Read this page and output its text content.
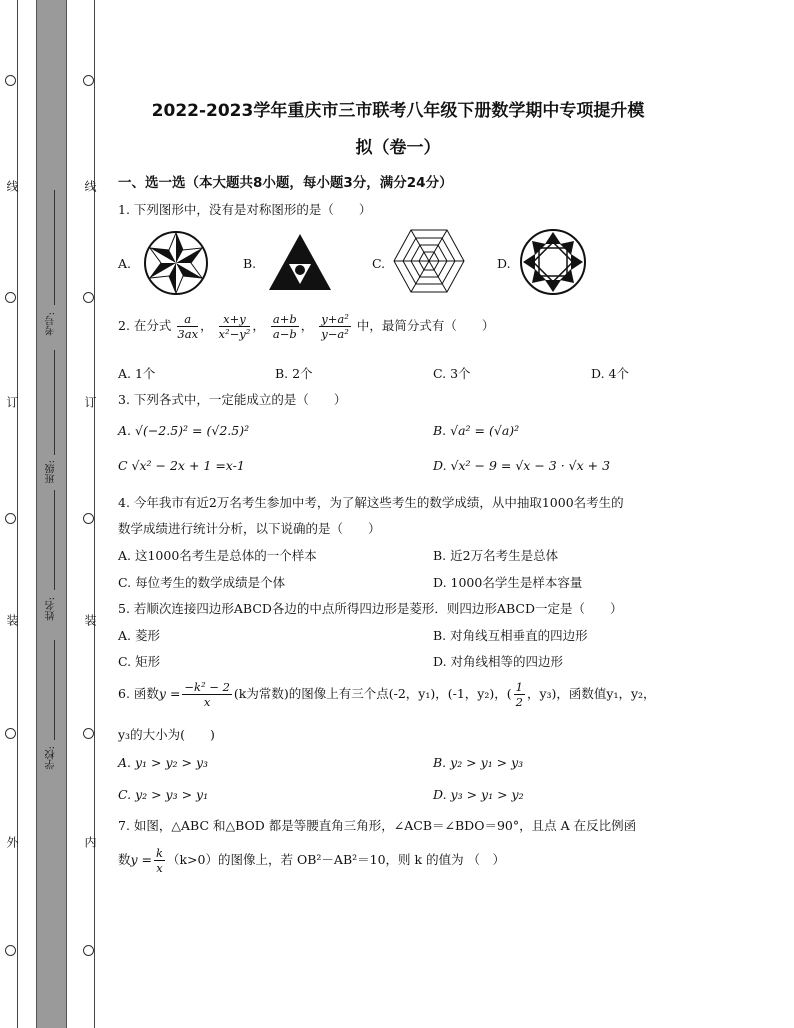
线
订
装
外
线
订
装
内
考号:
班级:
姓名:
学校:
2022-2023学年重庆市三市联考八年级下册数学期中专项提升模
拟（卷一）
一、选一选（本大题共8小题，每小题3分，满分24分）
1. 下列图形中，没有是对称图形的是（　　）
A.	B.	C.	D.
2. 在分式 $\frac{a}{3ax}$ ， $\frac{x+y}{\text{x²−y²}}$ ， $\frac{a+b}{a-b}$ ， $\frac{\text{y+a²}}{\text{y−a²}}$ 中，最简分式有（　　）
A. 1个	B. 2个	C. 3个	D. 4个
3. 下列各式中，一定能成立的是（　　）
A. √(−2.5)² = (√2.5)²	B. √a² = (√a)²
C √x² − 2x + 1 =x-1	D. √x² − 9 = √x − 3 · √x + 3
4. 今年我市有近2万名考生参加中考，为了解这些考生的数学成绩，从中抽取1000名考生的
数学成绩进行统计分析，以下说确的是（　　）
A. 这1000名考生是总体的一个样本	B. 近2万名考生是总体
C. 每位考生的数学成绩是个体	D. 1000名学生是样本容量
5. 若顺次连接四边形ABCD各边的中点所得四边形是菱形．则四边形ABCD一定是（　　）
A. 菱形	B. 对角线互相垂直的四边形
C. 矩形	D. 对角线相等的四边形
6. 函数$y = \frac{\text{−k² − 2}}{x} (k$为常数)的图像上有三个点(-2，y₁)，(-1，y₂)，( $\frac{1}{2}$ ，y₃)，函数值y₁，y₂，
y₃的大小为(　　)
A. y₁ > y₂ > y₃	B. y₂ > y₁ > y₃
C. y₂ > y₃ > y₁	D. y₃ > y₁ > y₂
7. 如图，△ABC 和△BOD 都是等腰直角三角形，∠ACB＝∠BDO＝90°，且点 A 在反比例函
数$y = \frac{k}{x} (k>0)$的图像上，若 OB²－AB²＝10，则 k 的值为 （　）
